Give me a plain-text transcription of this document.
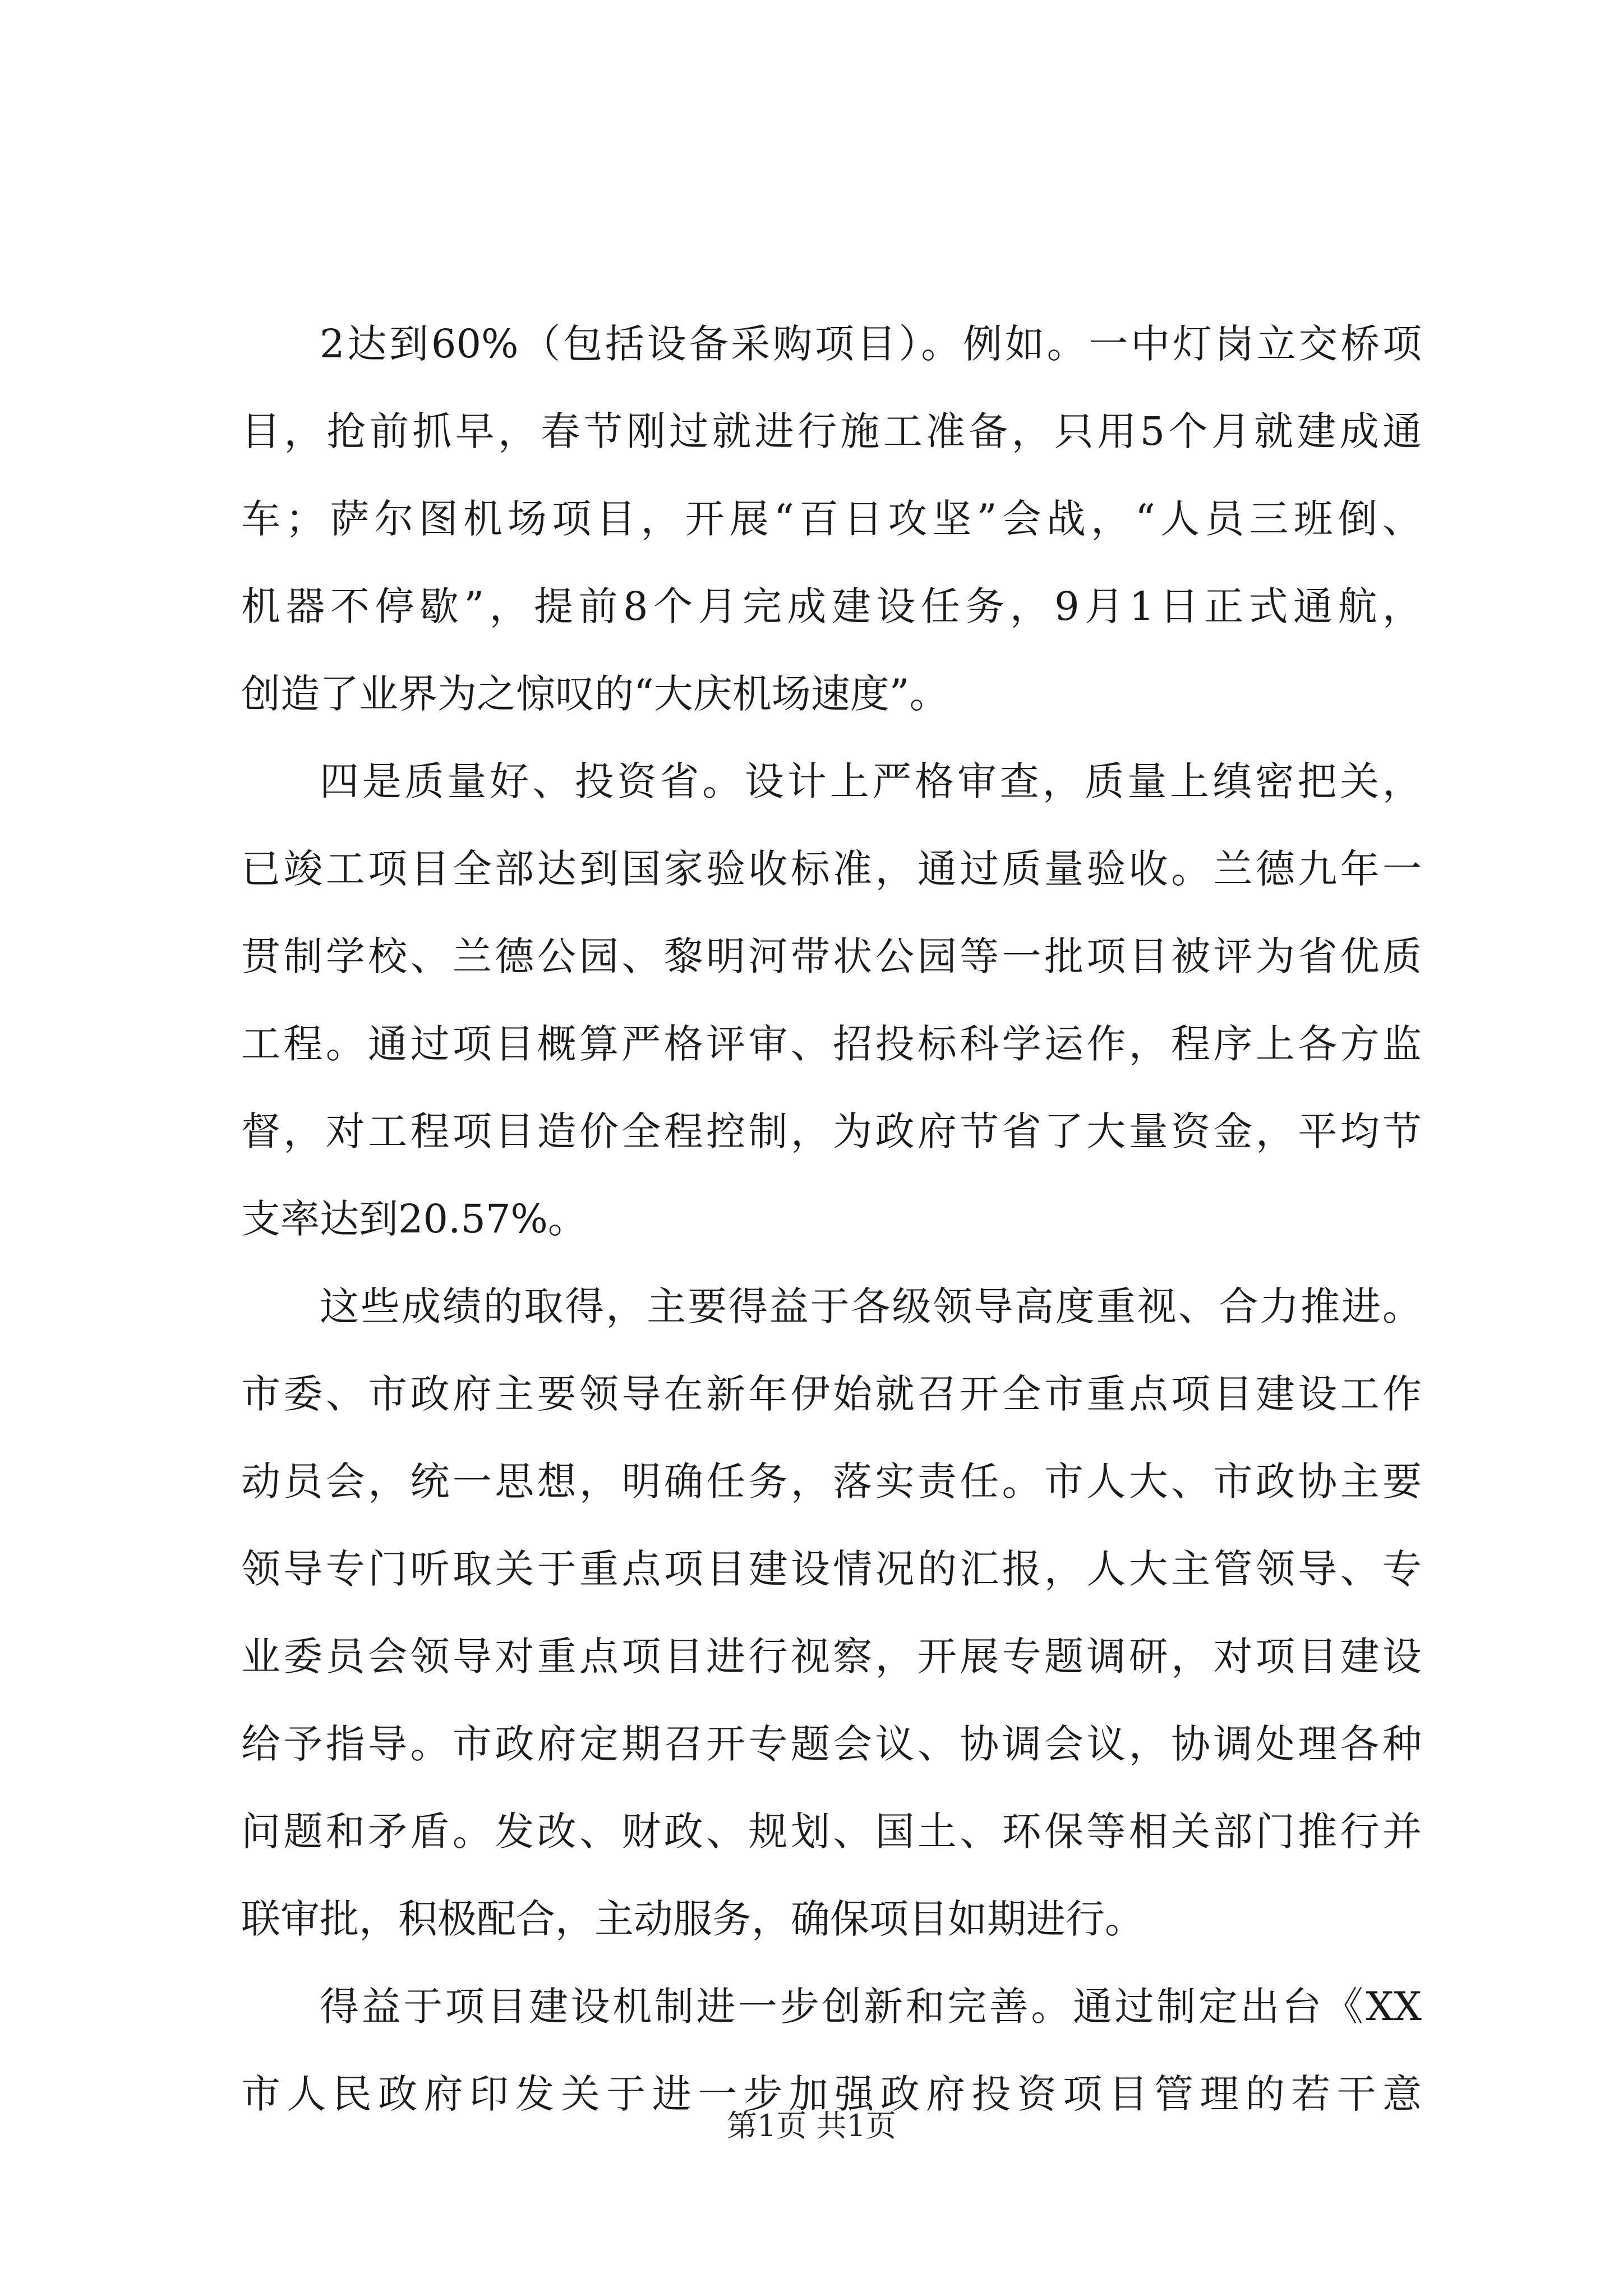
2达到60%（包括设备采购项目）。例如。一中灯岗立交桥项
目，抢前抓早，春节刚过就进行施工准备，只用5个月就建成通
车；萨尔图机场项目，开展“百日攻坚”会战，“人员三班倒、
机器不停歇”，提前8个月完成建设任务，9月1日正式通航，
创造了业界为之惊叹的“大庆机场速度”。
四是质量好、投资省。设计上严格审查，质量上缜密把关，
已竣工项目全部达到国家验收标准，通过质量验收。兰德九年一
贯制学校、兰德公园、黎明河带状公园等一批项目被评为省优质
工程。通过项目概算严格评审、招投标科学运作，程序上各方监
督，对工程项目造价全程控制，为政府节省了大量资金，平均节
支率达到20.57%。
这些成绩的取得，主要得益于各级领导高度重视、合力推进。
市委、市政府主要领导在新年伊始就召开全市重点项目建设工作
动员会，统一思想，明确任务，落实责任。市人大、市政协主要
领导专门听取关于重点项目建设情况的汇报，人大主管领导、专
业委员会领导对重点项目进行视察，开展专题调研，对项目建设
给予指导。市政府定期召开专题会议、协调会议，协调处理各种
问题和矛盾。发改、财政、规划、国土、环保等相关部门推行并
联审批，积极配合，主动服务，确保项目如期进行。
得益于项目建设机制进一步创新和完善。通过制定出台《XX
市人民政府印发关于进一步加强政府投资项目管理的若干意
第1页 共1页
